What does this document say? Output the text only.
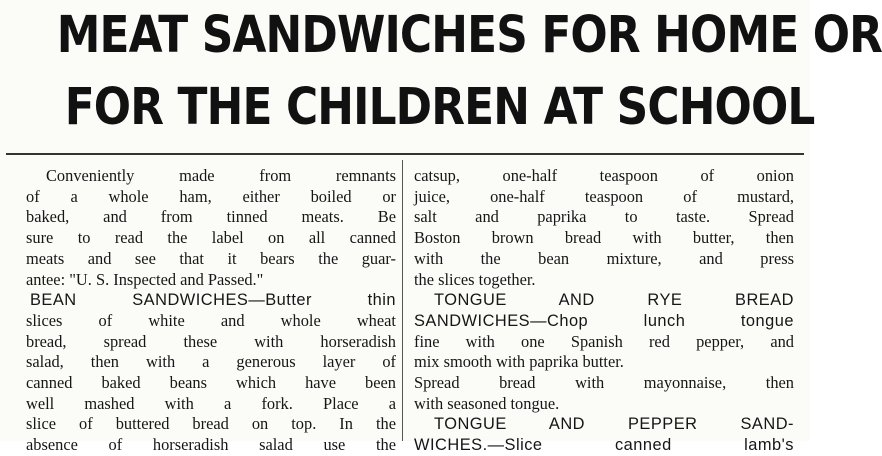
MEAT SANDWICHES FOR HOME OR
FOR THE CHILDREN AT SCHOOL
Conveniently made from remnants
of a whole ham, either boiled or
baked, and from tinned meats. Be
sure to read the label on all canned
meats and see that it bears the guar-
antee: "U. S. Inspected and Passed."
BEAN SANDWICHES—Butter thin
slices of white and whole wheat
bread, spread these with horseradish
salad, then with a generous layer of
canned baked beans which have been
well mashed with a fork. Place a
slice of buttered bread on top. In the
absence of horseradish salad use the
catsup, one-half teaspoon of onion
juice, one-half teaspoon of mustard,
salt and paprika to taste. Spread
Boston brown bread with butter, then
with the bean mixture, and press
the slices together.
TONGUE AND RYE BREAD
SANDWICHES—Chop lunch tongue
fine with one Spanish red pepper, and
mix smooth with paprika butter.
Spread bread with mayonnaise, then
with seasoned tongue.
TONGUE AND PEPPER SAND-
WICHES.—Slice canned lamb's
